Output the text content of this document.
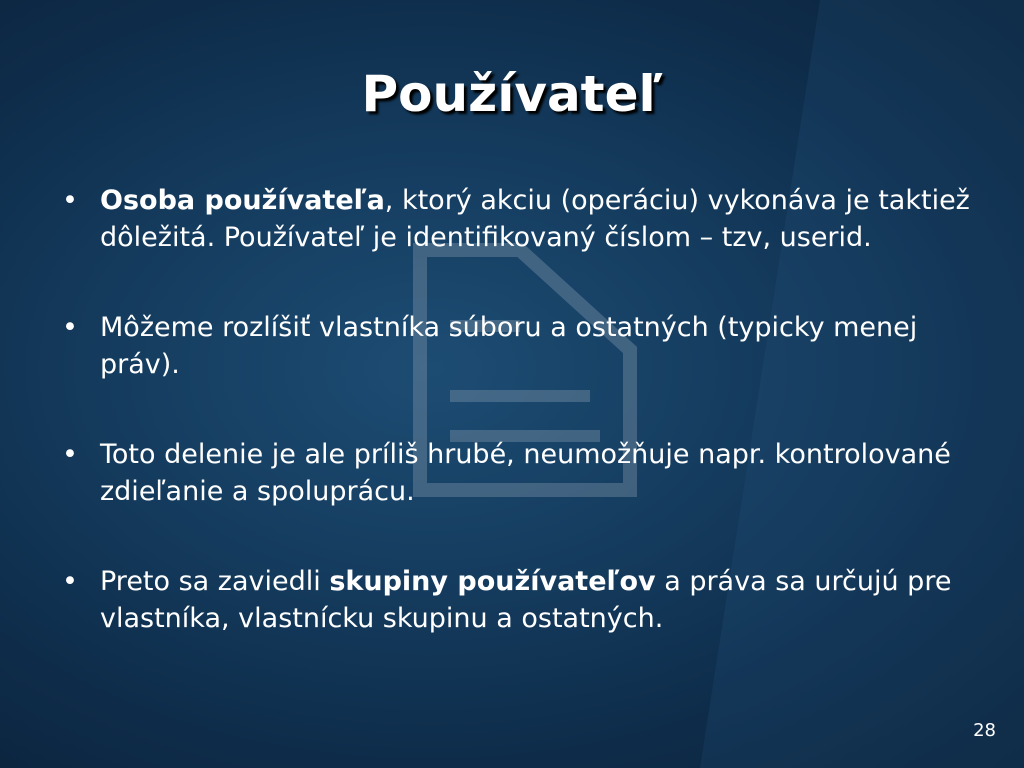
Používateľ
• Osoba používateľa, ktorý akciu (operáciu) vykonáva je taktiež dôležitá. Používateľ je identifikovaný číslom – tzv, userid.
• Môžeme rozlíšiť vlastníka súboru a ostatných (typicky menej práv).
• Toto delenie je ale príliš hrubé, neumožňuje napr. kontrolované zdieľanie a spoluprácu.
• Preto sa zaviedli skupiny používateľov a práva sa určujú pre vlastníka, vlastnícku skupinu a ostatných.
28
